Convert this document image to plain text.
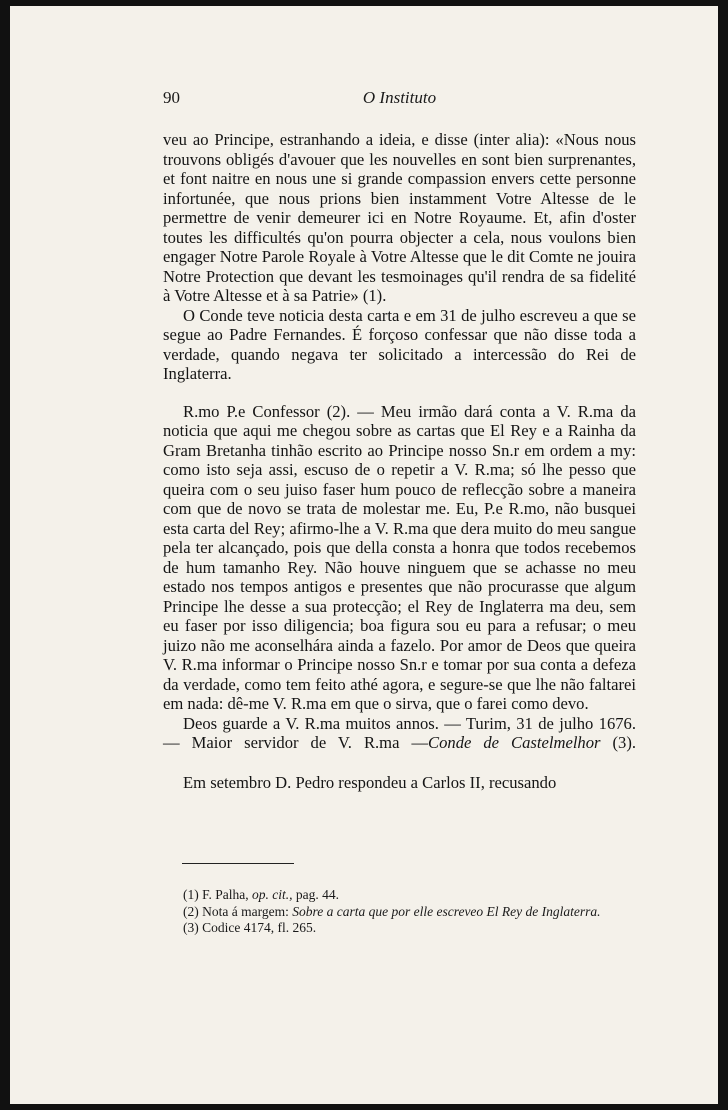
90	O Instituto

veu ao Principe, estranhando a ideia, e disse (inter alia): «Nous nous trouvons obligés d'avouer que les nouvelles en sont bien surprenantes, et font naitre en nous une si grande compassion envers cette personne infortunée, que nous prions bien instamment Votre Altesse de le permettre de venir demeurer ici en Notre Royaume. Et, afin d'oster toutes les difficultés qu'on pourra objecter a cela, nous voulons bien engager Notre Parole Royale à Votre Altesse que le dit Comte ne jouira Notre Protection que devant les tesmoinages qu'il rendra de sa fidelité à Votre Altesse et à sa Patrie» (1).

O Conde teve noticia desta carta e em 31 de julho escreveu a que se segue ao Padre Fernandes. É forçoso confessar que não disse toda a verdade, quando negava ter solicitado a intercessão do Rei de Inglaterra.

R.mo P.e Confessor (2). — Meu irmão dará conta a V. R.ma da noticia que aqui me chegou sobre as cartas que El Rey e a Rainha da Gram Bretanha tinhão escrito ao Principe nosso Sn.r em ordem a my: como isto seja assi, escuso de o repetir a V. R.ma; só lhe pesso que queira com o seu juiso faser hum pouco de reflecção sobre a maneira com que de novo se trata de molestar me. Eu, P.e R.mo, não busquei esta carta del Rey; afirmo-lhe a V. R.ma que dera muito do meu sangue pela ter alcançado, pois que della consta a honra que todos recebemos de hum tamanho Rey. Não houve ninguem que se achasse no meu estado nos tempos antigos e presentes que não procurasse que algum Principe lhe desse a sua protecção; el Rey de Inglaterra ma deu, sem eu faser por isso diligencia; boa figura sou eu para a refusar; o meu juizo não me aconselhára ainda a fazelo. Por amor de Deos que queira V. R.ma informar o Principe nosso Sn.r e tomar por sua conta a defeza da verdade, como tem feito athé agora, e segure-se que lhe não faltarei em nada: dê-me V. R.ma em que o sirva, que o farei como devo.

Deos guarde a V. R.ma muitos annos. — Turim, 31 de julho 1676. — Maior servidor de V. R.ma —Conde de Castelmelhor (3).

Em setembro D. Pedro respondeu a Carlos II, recusando

(1) F. Palha, op. cit., pag. 44.

(2) Nota á margem: Sobre a carta que por elle escreveo El Rey de Inglaterra.

(3) Codice 4174, fl. 265.
